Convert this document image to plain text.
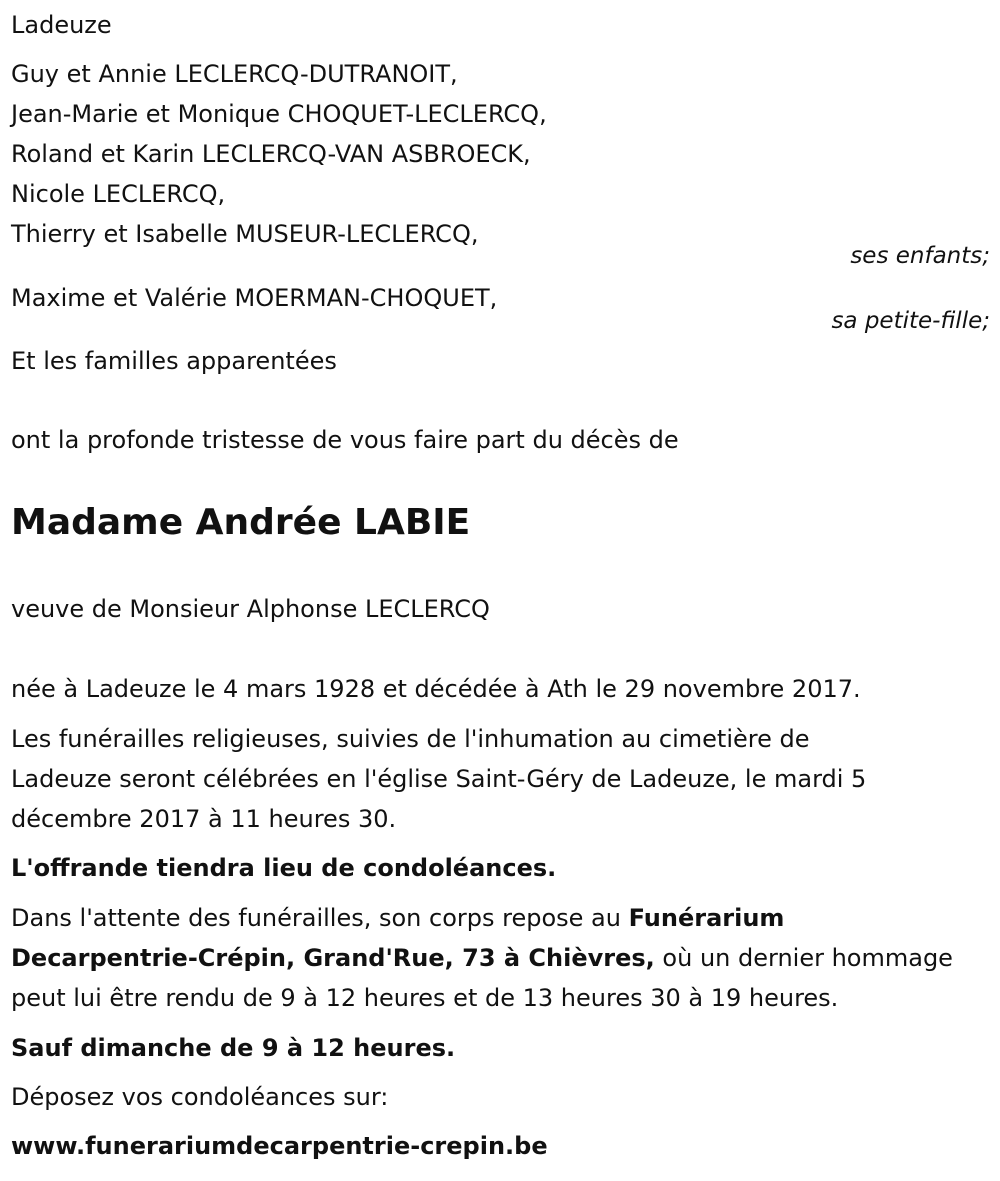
Ladeuze

Guy et Annie LECLERCQ-DUTRANOIT,

Jean-Marie et Monique CHOQUET-LECLERCQ,

Roland et Karin LECLERCQ-VAN ASBROECK,

Nicole LECLERCQ,

Thierry et Isabelle MUSEUR-LECLERCQ,

ses enfants;

Maxime et Valérie MOERMAN-CHOQUET,

sa petite-fille;

Et les familles apparentées

ont la profonde tristesse de vous faire part du décès de

Madame Andrée LABIE

veuve de Monsieur Alphonse LECLERCQ

née à Ladeuze le 4 mars 1928 et décédée à Ath le 29 novembre 2017.

Les funérailles religieuses, suivies de l'inhumation au cimetière de

Ladeuze seront célébrées en l'église Saint-Géry de Ladeuze, le mardi 5

décembre 2017 à 11 heures 30.

L'offrande tiendra lieu de condoléances.

Dans l'attente des funérailles, son corps repose au Funérarium

Decarpentrie-Crépin, Grand'Rue, 73 à Chièvres, où un dernier hommage

peut lui être rendu de 9 à 12 heures et de 13 heures 30 à 19 heures.

Sauf dimanche de 9 à 12 heures.

Déposez vos condoléances sur:

www.funerariumdecarpentrie-crepin.be
